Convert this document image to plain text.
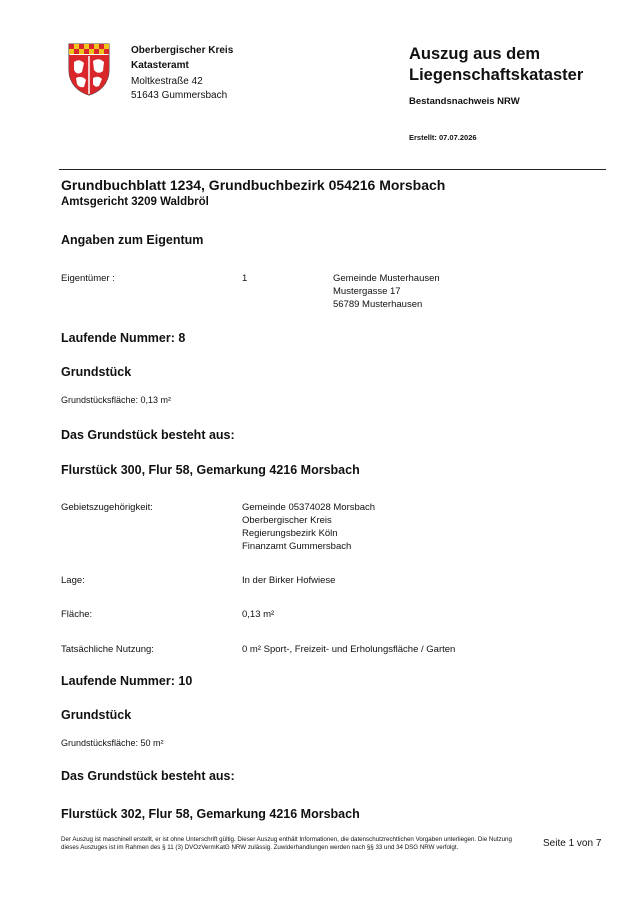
Oberbergischer Kreis
Katasteramt
Moltkestraße 42
51643 Gummersbach
Auszug aus dem
Liegenschaftskataster
Bestandsnachweis NRW
Erstellt: 07.07.2026
Grundbuchblatt 1234, Grundbuchbezirk 054216 Morsbach
Amtsgericht 3209 Waldbröl
Angaben zum Eigentum
Eigentümer :	1	Gemeinde Musterhausen
Mustergasse 17
56789 Musterhausen
Laufende Nummer: 8
Grundstück
Grundstücksfläche: 0,13 m²
Das Grundstück besteht aus:
Flurstück 300, Flur 58, Gemarkung 4216 Morsbach
Gebietszugehörigkeit:	Gemeinde 05374028 Morsbach
Oberbergischer Kreis
Regierungsbezirk Köln
Finanzamt Gummersbach
Lage:	In der Birker Hofwiese
Fläche:	0,13 m²
Tatsächliche Nutzung:	0 m² Sport-, Freizeit- und Erholungsfläche / Garten
Laufende Nummer: 10
Grundstück
Grundstücksfläche: 50 m²
Das Grundstück besteht aus:
Flurstück 302, Flur 58, Gemarkung 4216 Morsbach
Der Auszug ist maschinell erstellt, er ist ohne Unterschrift gültig. Dieser Auszug enthält Informationen, die datenschutzrechtlichen Vorgaben unterliegen. Die Nutzung dieses Auszuges ist im Rahmen des § 11 (3) DVOzVermKatG NRW zulässig. Zuwiderhandlungen werden nach §§ 33 und 34 DSG NRW verfolgt.	Seite 1 von 7
